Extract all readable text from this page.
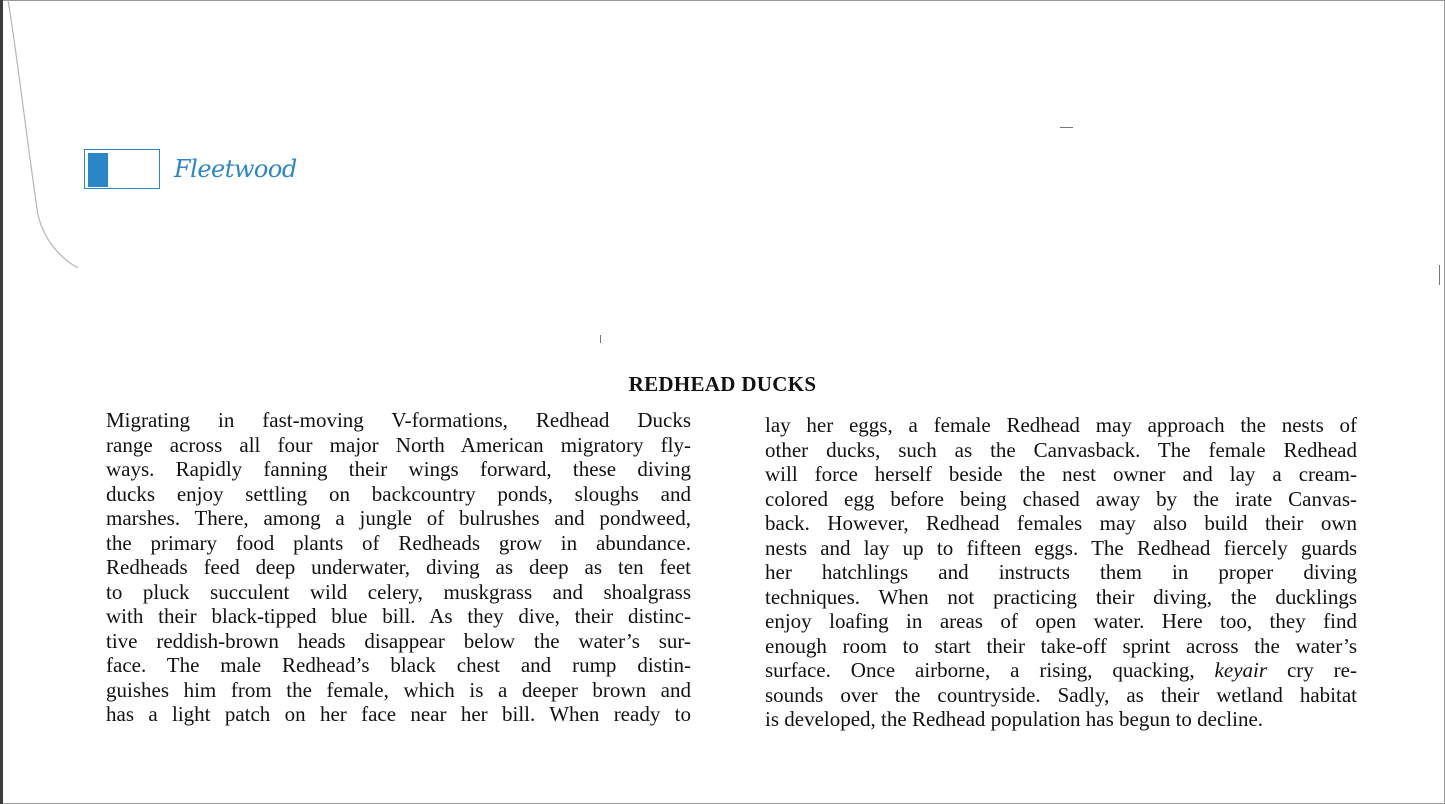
Fleetwood
REDHEAD DUCKS
Migrating in fast-moving V-formations, Redhead Ducks
range across all four major North American migratory fly-
ways. Rapidly fanning their wings forward, these diving
ducks enjoy settling on backcountry ponds, sloughs and
marshes. There, among a jungle of bulrushes and pondweed,
the primary food plants of Redheads grow in abundance.
Redheads feed deep underwater, diving as deep as ten feet
to pluck succulent wild celery, muskgrass and shoalgrass
with their black-tipped blue bill. As they dive, their distinc-
tive reddish-brown heads disappear below the water’s sur-
face. The male Redhead’s black chest and rump distin-
guishes him from the female, which is a deeper brown and
has a light patch on her face near her bill. When ready to
lay her eggs, a female Redhead may approach the nests of
other ducks, such as the Canvasback. The female Redhead
will force herself beside the nest owner and lay a cream-
colored egg before being chased away by the irate Canvas-
back. However, Redhead females may also build their own
nests and lay up to fifteen eggs. The Redhead fiercely guards
her hatchlings and instructs them in proper diving
techniques. When not practicing their diving, the ducklings
enjoy loafing in areas of open water. Here too, they find
enough room to start their take-off sprint across the water’s
surface. Once airborne, a rising, quacking, keyair cry re-
sounds over the countryside. Sadly, as their wetland habitat
is developed, the Redhead population has begun to decline.
